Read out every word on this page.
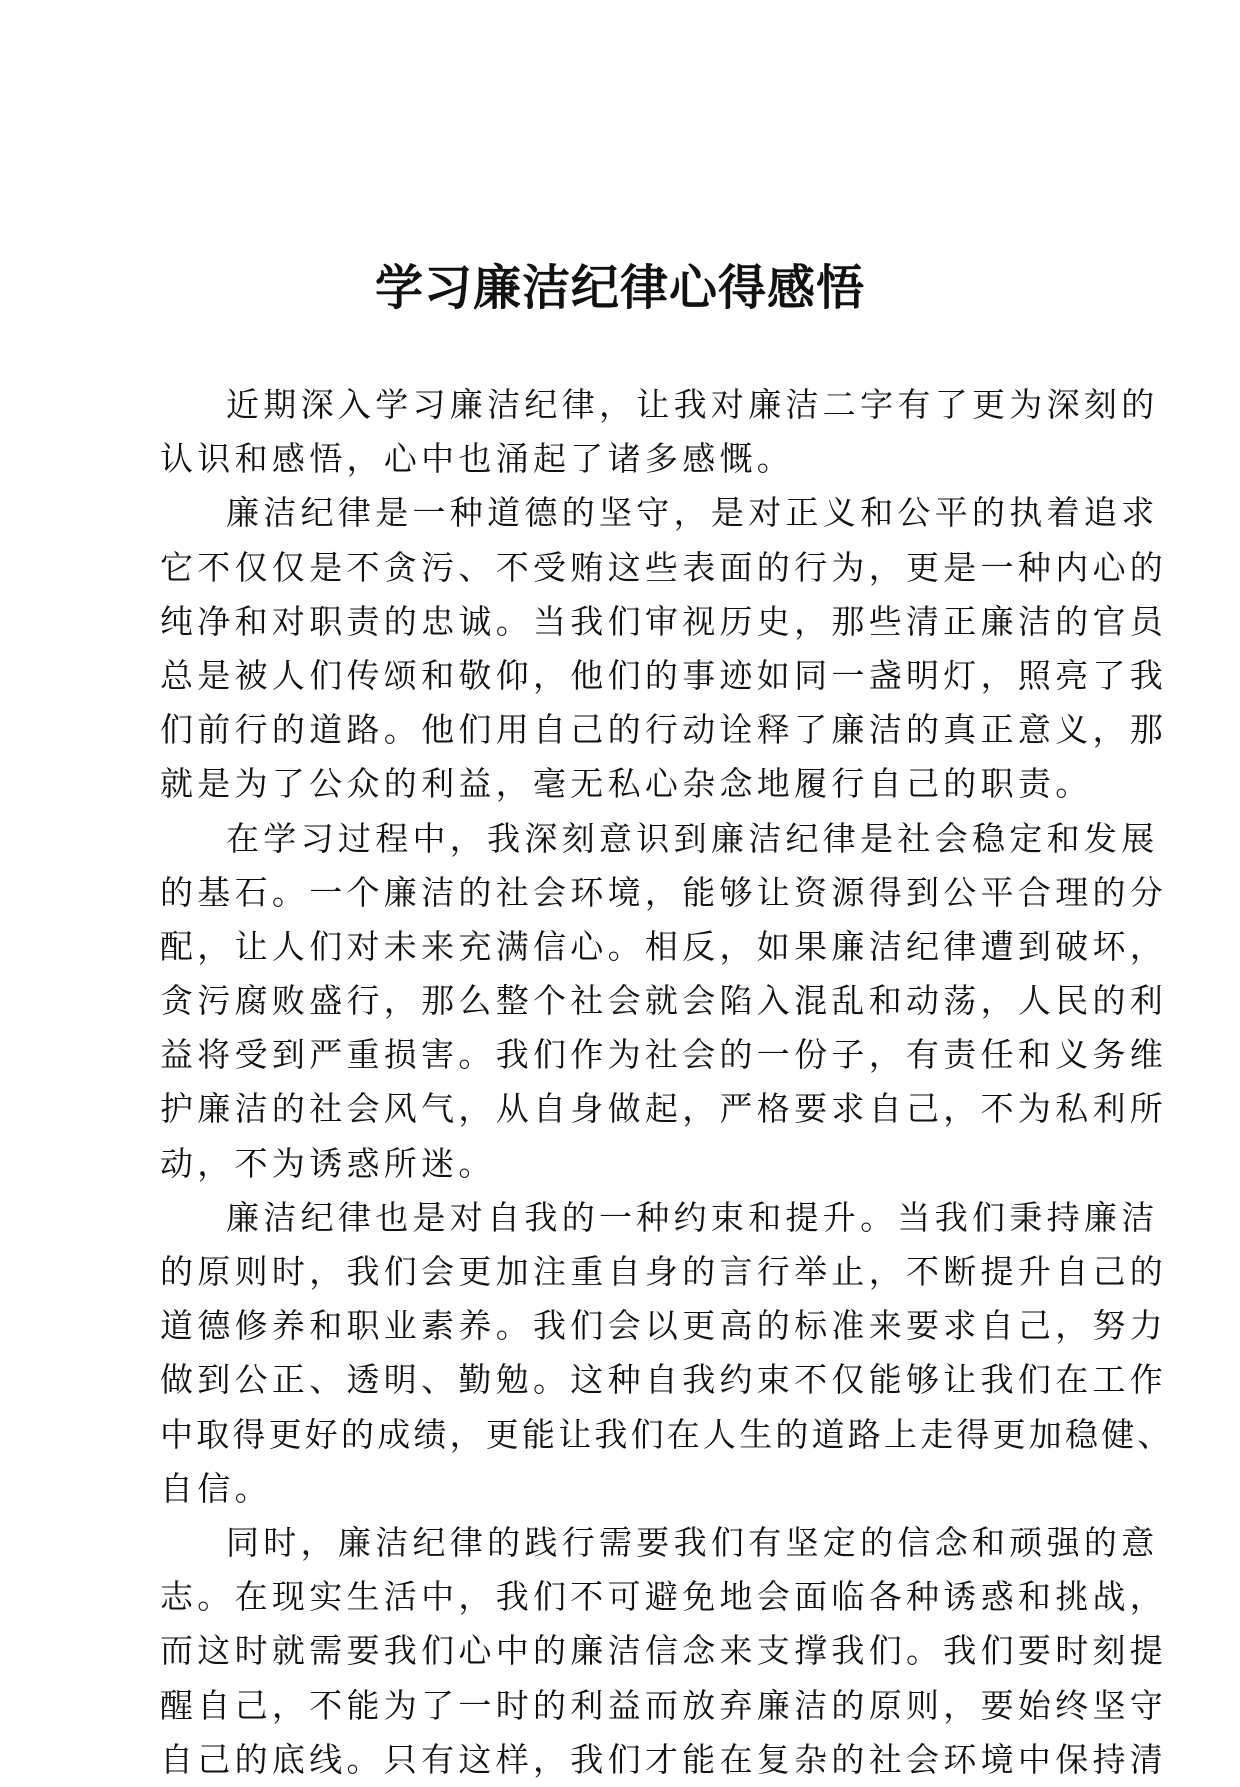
学习廉洁纪律心得感悟
近期深入学习廉洁纪律，让我对廉洁二字有了更为深刻的
认识和感悟，心中也涌起了诸多感慨。
廉洁纪律是一种道德的坚守，是对正义和公平的执着追求
它不仅仅是不贪污、不受贿这些表面的行为，更是一种内心的
纯净和对职责的忠诚。当我们审视历史，那些清正廉洁的官员
总是被人们传颂和敬仰，他们的事迹如同一盏明灯，照亮了我
们前行的道路。他们用自己的行动诠释了廉洁的真正意义，那
就是为了公众的利益，毫无私心杂念地履行自己的职责。
在学习过程中，我深刻意识到廉洁纪律是社会稳定和发展
的基石。一个廉洁的社会环境，能够让资源得到公平合理的分
配，让人们对未来充满信心。相反，如果廉洁纪律遭到破坏，
贪污腐败盛行，那么整个社会就会陷入混乱和动荡，人民的利
益将受到严重损害。我们作为社会的一份子，有责任和义务维
护廉洁的社会风气，从自身做起，严格要求自己，不为私利所
动，不为诱惑所迷。
廉洁纪律也是对自我的一种约束和提升。当我们秉持廉洁
的原则时，我们会更加注重自身的言行举止，不断提升自己的
道德修养和职业素养。我们会以更高的标准来要求自己，努力
做到公正、透明、勤勉。这种自我约束不仅能够让我们在工作
中取得更好的成绩，更能让我们在人生的道路上走得更加稳健、
自信。
同时，廉洁纪律的践行需要我们有坚定的信念和顽强的意
志。在现实生活中，我们不可避免地会面临各种诱惑和挑战，
而这时就需要我们心中的廉洁信念来支撑我们。我们要时刻提
醒自己，不能为了一时的利益而放弃廉洁的原则，要始终坚守
自己的底线。只有这样，我们才能在复杂的社会环境中保持清
